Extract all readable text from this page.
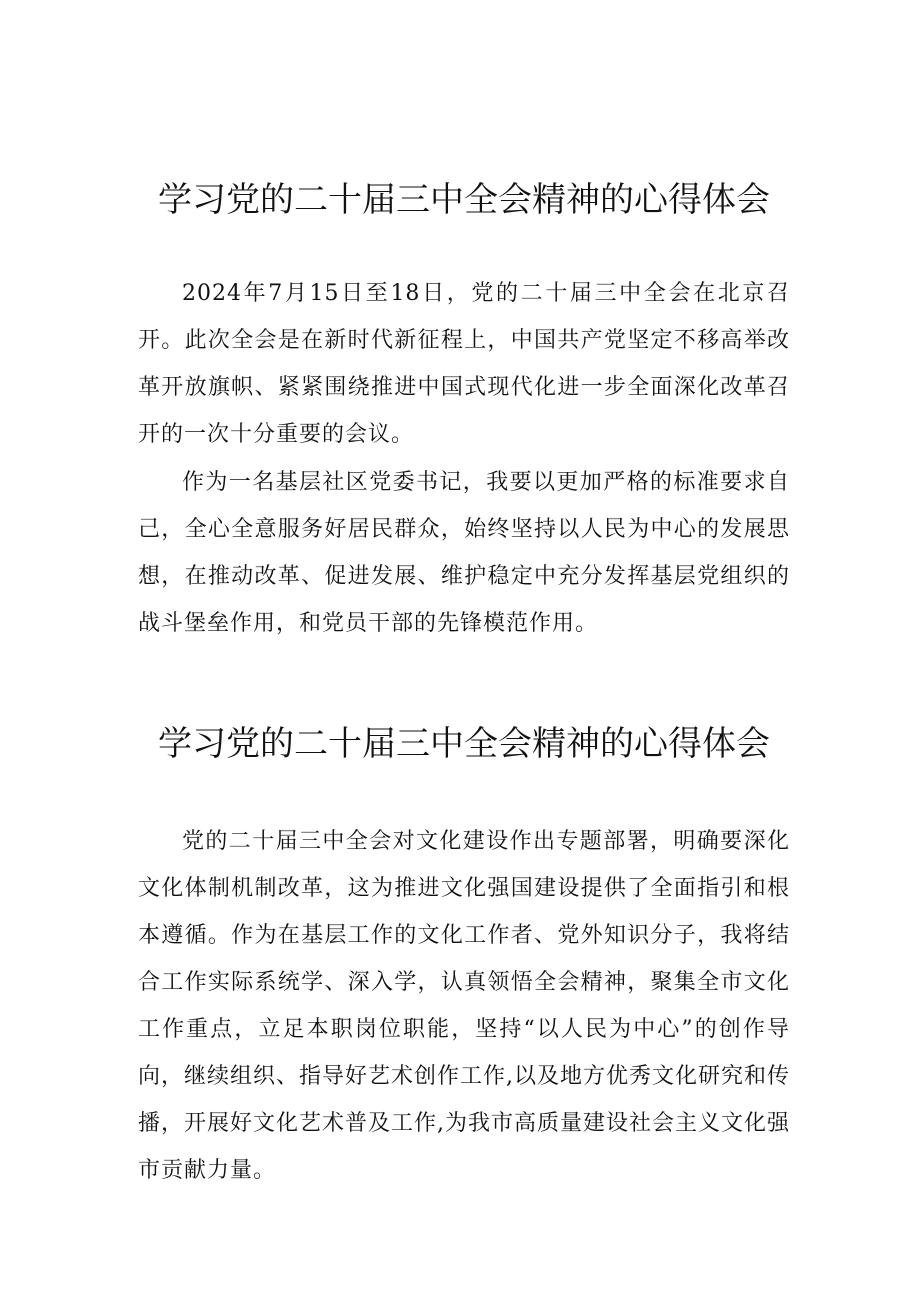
学习党的二十届三中全会精神的心得体会

2024年7月15日至18日，党的二十届三中全会在北京召开。此次全会是在新时代新征程上，中国共产党坚定不移高举改革开放旗帜、紧紧围绕推进中国式现代化进一步全面深化改革召开的一次十分重要的会议。

作为一名基层社区党委书记，我要以更加严格的标准要求自己，全心全意服务好居民群众，始终坚持以人民为中心的发展思想，在推动改革、促进发展、维护稳定中充分发挥基层党组织的战斗堡垒作用，和党员干部的先锋模范作用。

学习党的二十届三中全会精神的心得体会

党的二十届三中全会对文化建设作出专题部署，明确要深化文化体制机制改革，这为推进文化强国建设提供了全面指引和根本遵循。作为在基层工作的文化工作者、党外知识分子，我将结合工作实际系统学、深入学，认真领悟全会精神，聚集全市文化工作重点，立足本职岗位职能，坚持“以人民为中心”的创作导向，继续组织、指导好艺术创作工作,以及地方优秀文化研究和传播，开展好文化艺术普及工作,为我市高质量建设社会主义文化强市贡献力量。
